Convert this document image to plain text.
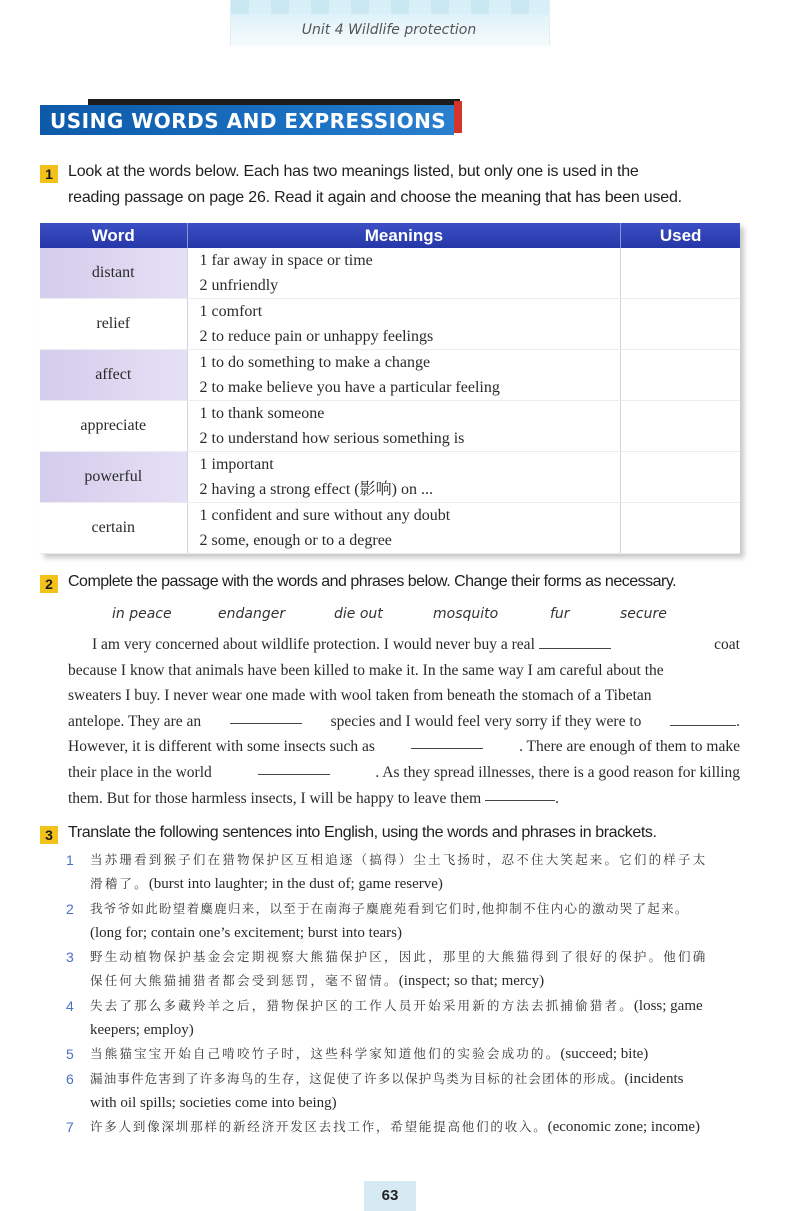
Unit 4 Wildlife protection
USING WORDS AND EXPRESSIONS
1 Look at the words below. Each has two meanings listed, but only one is used in the
reading passage on page 26. Read it again and choose the meaning that has been used.
Word	Meanings	Used
distant	1 far away in space or time
2 unfriendly	

relief	1 comfort
2 to reduce pain or unhappy feelings	

affect	1 to do something to make a change
2 to make believe you have a particular feeling	

appreciate	1 to thank someone
2 to understand how serious something is	

powerful	1 important
2 having a strong effect (影响) on ...	

certain	1 confident and sure without any doubt
2 some, enough or to a degree	

2 Complete the passage with the words and phrases below. Change their forms as necessary.
in peace	endanger	die out	mosquito	fur	secure
I am very concerned about wildlife protection. I would never buy a real	coat
because I know that animals have been killed to make it. In the same way I am careful about the
sweaters I buy. I never wear one made with wool taken from beneath the stomach of a Tibetan
antelope. They are an	species and I would feel very sorry if they were to	.
However, it is different with some insects such as	. There are enough of them to make
their place in the world	. As they spread illnesses, there is a good reason for killing
them. But for those harmless insects, I will be happy to leave them
	.
3 Translate the following sentences into English, using the words and phrases in brackets.
1 当苏珊看到猴子们在猎物保护区互相追逐（搞得）尘土飞扬时，忍不住大笑起来。它们的样子太
滑稽了。(burst into laughter; in the dust of; game reserve)
2 我爷爷如此盼望着麋鹿归来，以至于在南海子麋鹿苑看到它们时,他抑制不住内心的激动哭了起来。
(long for; contain one’s excitement; burst into tears)
3 野生动植物保护基金会定期视察大熊猫保护区，因此，那里的大熊猫得到了很好的保护。他们确
保任何大熊猫捕猎者都会受到惩罚，毫不留情。(inspect; so that; mercy)
4 失去了那么多藏羚羊之后，猎物保护区的工作人员开始采用新的方法去抓捕偷猎者。(loss; game
keepers; employ)
5 当熊猫宝宝开始自己啃咬竹子时，这些科学家知道他们的实验会成功的。(succeed; bite)
6 漏油事件危害到了许多海鸟的生存，这促使了许多以保护鸟类为目标的社会团体的形成。(incidents
with oil spills; societies come into being)
7 许多人到像深圳那样的新经济开发区去找工作，希望能提高他们的收入。(economic zone; income)
63
